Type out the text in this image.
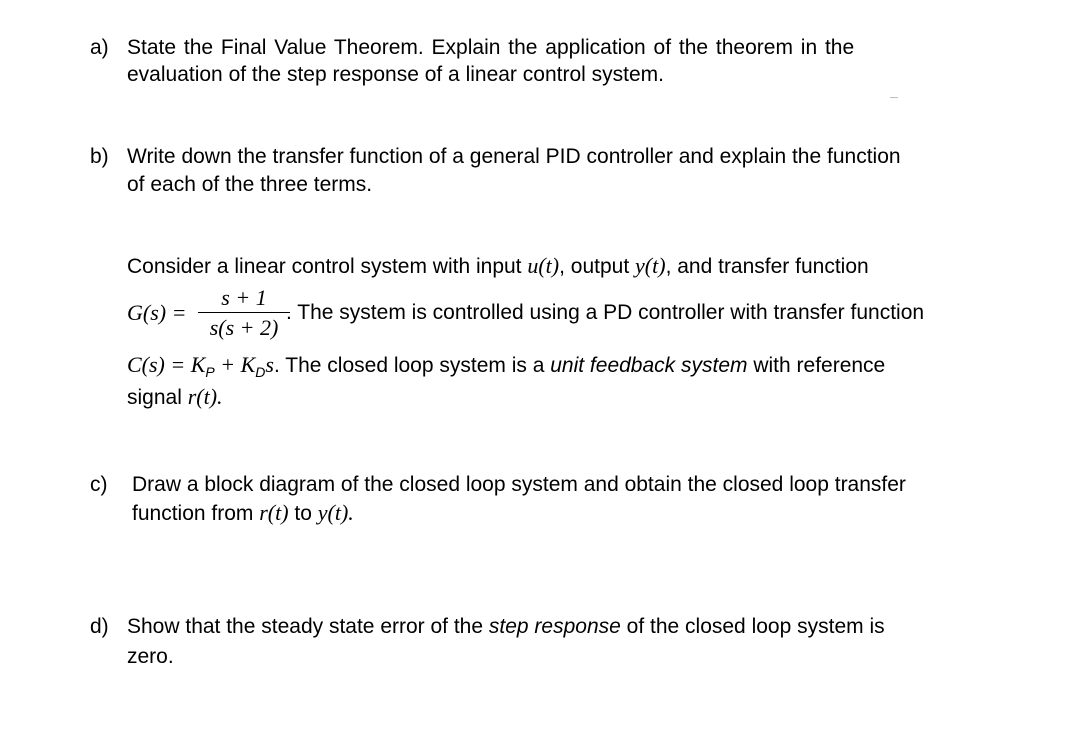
a) State the Final Value Theorem. Explain the application of the theorem in the
evaluation of the step response of a linear control system.
b) Write down the transfer function of a general PID controller and explain the function
of each of the three terms.
Consider a linear control system with input u(t), output y(t), and transfer function
G(s) =
s + 1
s(s + 2)
. The system is controlled using a PD controller with transfer function
$C(s) = K_P + K_Ds$. The closed loop system is a unit feedback system with reference
signal r(t).
c) Draw a block diagram of the closed loop system and obtain the closed loop transfer
function from r(t) to y(t).
d) Show that the steady state error of the step response of the closed loop system is
zero.
